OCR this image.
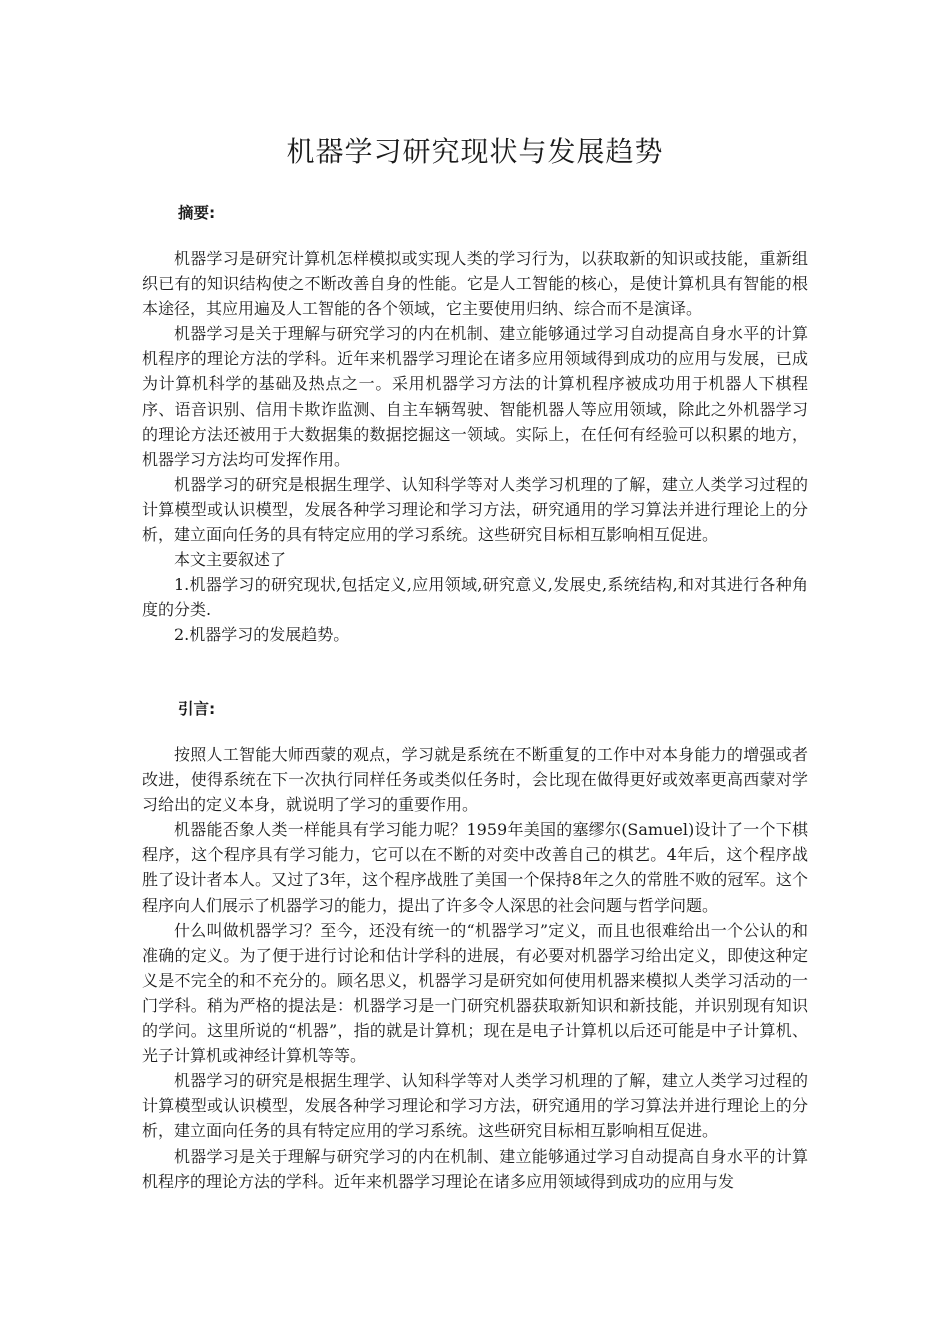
机器学习研究现状与发展趋势
摘要:

机器学习是研究计算机怎样模拟或实现人类的学习行为，以获取新的知识或技能，重新组织已有的知识结构使之不断改善自身的性能。它是人工智能的核心，是使计算机具有智能的根本途径，其应用遍及人工智能的各个领域，它主要使用归纳、综合而不是演译。

机器学习是关于理解与研究学习的内在机制、建立能够通过学习自动提高自身水平的计算机程序的理论方法的学科。近年来机器学习理论在诸多应用领域得到成功的应用与发展，已成为计算机科学的基础及热点之一。采用机器学习方法的计算机程序被成功用于机器人下棋程序、语音识别、信用卡欺诈监测、自主车辆驾驶、智能机器人等应用领域，除此之外机器学习的理论方法还被用于大数据集的数据挖掘这一领域。实际上，在任何有经验可以积累的地方，机器学习方法均可发挥作用。

机器学习的研究是根据生理学、认知科学等对人类学习机理的了解，建立人类学习过程的计算模型或认识模型，发展各种学习理论和学习方法，研究通用的学习算法并进行理论上的分析，建立面向任务的具有特定应用的学习系统。这些研究目标相互影响相互促进。

本文主要叙述了

1.机器学习的研究现状,包括定义,应用领域,研究意义,发展史,系统结构,和对其进行各种角度的分类.

2.机器学习的发展趋势。

引言:

按照人工智能大师西蒙的观点，学习就是系统在不断重复的工作中对本身能力的增强或者改进，使得系统在下一次执行同样任务或类似任务时，会比现在做得更好或效率更高西蒙对学习给出的定义本身，就说明了学习的重要作用。

机器能否象人类一样能具有学习能力呢？1959年美国的塞缪尔(Samuel)设计了一个下棋程序，这个程序具有学习能力，它可以在不断的对奕中改善自己的棋艺。4年后，这个程序战胜了设计者本人。又过了3年，这个程序战胜了美国一个保持8年之久的常胜不败的冠军。这个程序向人们展示了机器学习的能力，提出了许多令人深思的社会问题与哲学问题。

什么叫做机器学习？至今，还没有统一的“机器学习”定义，而且也很难给出一个公认的和准确的定义。为了便于进行讨论和估计学科的进展，有必要对机器学习给出定义，即使这种定义是不完全的和不充分的。顾名思义，机器学习是研究如何使用机器来模拟人类学习活动的一门学科。稍为严格的提法是：机器学习是一门研究机器获取新知识和新技能，并识别现有知识的学问。这里所说的“机器”，指的就是计算机；现在是电子计算机以后还可能是中子计算机、光子计算机或神经计算机等等。

机器学习的研究是根据生理学、认知科学等对人类学习机理的了解，建立人类学习过程的计算模型或认识模型，发展各种学习理论和学习方法，研究通用的学习算法并进行理论上的分析，建立面向任务的具有特定应用的学习系统。这些研究目标相互影响相互促进。

机器学习是关于理解与研究学习的内在机制、建立能够通过学习自动提高自身水平的计算机程序的理论方法的学科。近年来机器学习理论在诸多应用领域得到成功的应用与发
